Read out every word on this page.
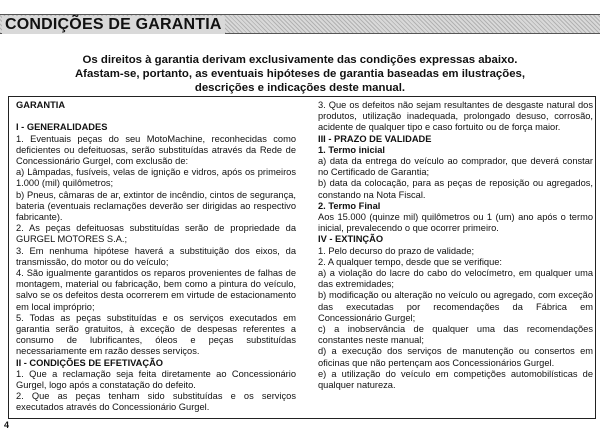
CONDIÇÕES DE GARANTIA

Os direitos à garantia derivam exclusivamente das condições expressas abaixo.

Afastam-se, portanto, as eventuais hipóteses de garantia baseadas em ilustrações,

descrições e indicações deste manual.

GARANTIA

I - GENERALIDADES

1. Eventuais peças do seu MotoMachine, reconhecidas como deficientes ou defeituosas, serão substituídas através da Rede de Concessionário Gurgel, com exclusão de:

a) Lâmpadas, fusíveis, velas de ignição e vidros, após os primeiros 1.000 (mil) quilômetros;

b) Pneus, câmaras de ar, extintor de incêndio, cintos de segurança, bateria (eventuais reclamações deverão ser dirigidas ao respectivo fabricante).

2. As peças defeituosas substituídas serão de propriedade da GURGEL MOTORES S.A.;

3. Em nenhuma hipótese haverá a substituição dos eixos, da transmissão, do motor ou do veículo;

4. São igualmente garantidos os reparos provenientes de falhas de montagem, material ou fabricação, bem como a pintura do veículo, salvo se os defeitos desta ocorrerem em virtude de estacionamento em local impróprio;

5. Todas as peças substituídas e os serviços executados em garantia serão gratuitos, à exceção de despesas referentes a consumo de lubrificantes, óleos e peças substituídas necessariamente em razão desses serviços.

II - CONDIÇÕES DE EFETIVAÇÃO

1. Que a reclamação seja feita diretamente ao Concessionário Gurgel, logo após a constatação do defeito.

2. Que as peças tenham sido substituídas e os serviços executados através do Concessionário Gurgel.

3. Que os defeitos não sejam resultantes de desgaste natural dos produtos, utilização inadequada, prolongado desuso, corrosão, acidente de qualquer tipo e caso fortuito ou de força maior.

III - PRAZO DE VALIDADE

1. Termo inicial

a) data da entrega do veículo ao comprador, que deverá constar no Certificado de Garantia;

b) data da colocação, para as peças de reposição ou agregados, constando na Nota Fiscal.

2. Termo Final

Aos 15.000 (quinze mil) quilômetros ou 1 (um) ano após o termo inicial, prevalecendo o que ocorrer primeiro.

IV - EXTINÇÃO

1. Pelo decurso do prazo de validade;

2. A qualquer tempo, desde que se verifique:

a) a violação do lacre do cabo do velocímetro, em qualquer uma das extremidades;

b) modificação ou alteração no veículo ou agregado, com exceção das executadas por recomendações da Fábrica em Concessionário Gurgel;

c) a inobservância de qualquer uma das recomendações constantes neste manual;

d) a execução dos serviços de manutenção ou consertos em oficinas que não pertençam aos Concessionários Gurgel.

e) a utilização do veículo em competições automobilísticas de qualquer natureza.

4
